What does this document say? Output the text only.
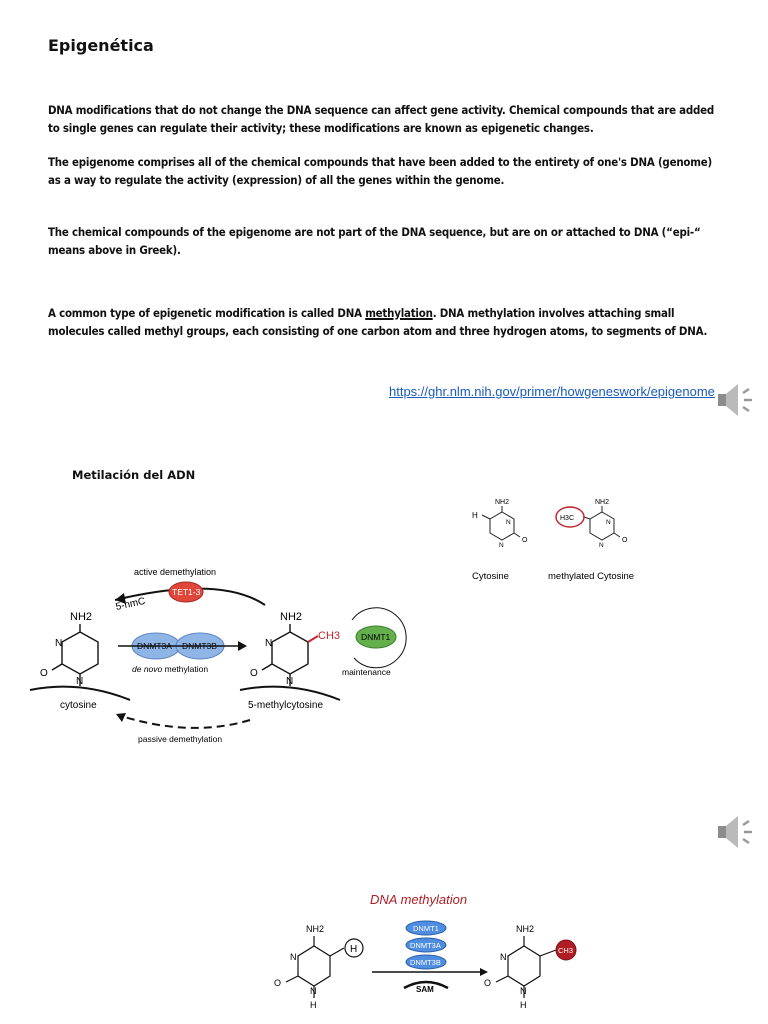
Epigenética
DNA modifications that do not change the DNA sequence can affect gene activity. Chemical compounds that are added to single genes can regulate their activity; these modifications are known as epigenetic changes.
The epigenome comprises all of the chemical compounds that have been added to the entirety of one's DNA (genome) as a way to regulate the activity (expression) of all the genes within the genome.
The chemical compounds of the epigenome are not part of the DNA sequence, but are on or attached to DNA (“epi-“ means above in Greek).
A common type of epigenetic modification is called DNA methylation. DNA methylation involves attaching small molecules called methyl groups, each consisting of one carbon atom and three hydrogen atoms, to segments of DNA.
https://ghr.nlm.nih.gov/primer/howgeneswork/epigenome
Metilación del ADN
NH2
H
N
N
O
Cytosine
H3C
NH2
N
N
O
methylated Cytosine
active demethylation
TET1-3
5-hmC
NH2
N
N
O
cytosine
DNMT3A DNMT3B
de novo methylation
CH3
NH2
N
N
O
5-methylcytosine
DNMT1
maintenance
passive demethylation
DNA methylation
NH2
H
N
N
O
H
DNMT1
DNMT3A
DNMT3B
SAM
NH2
CH3
N
N
O
H
